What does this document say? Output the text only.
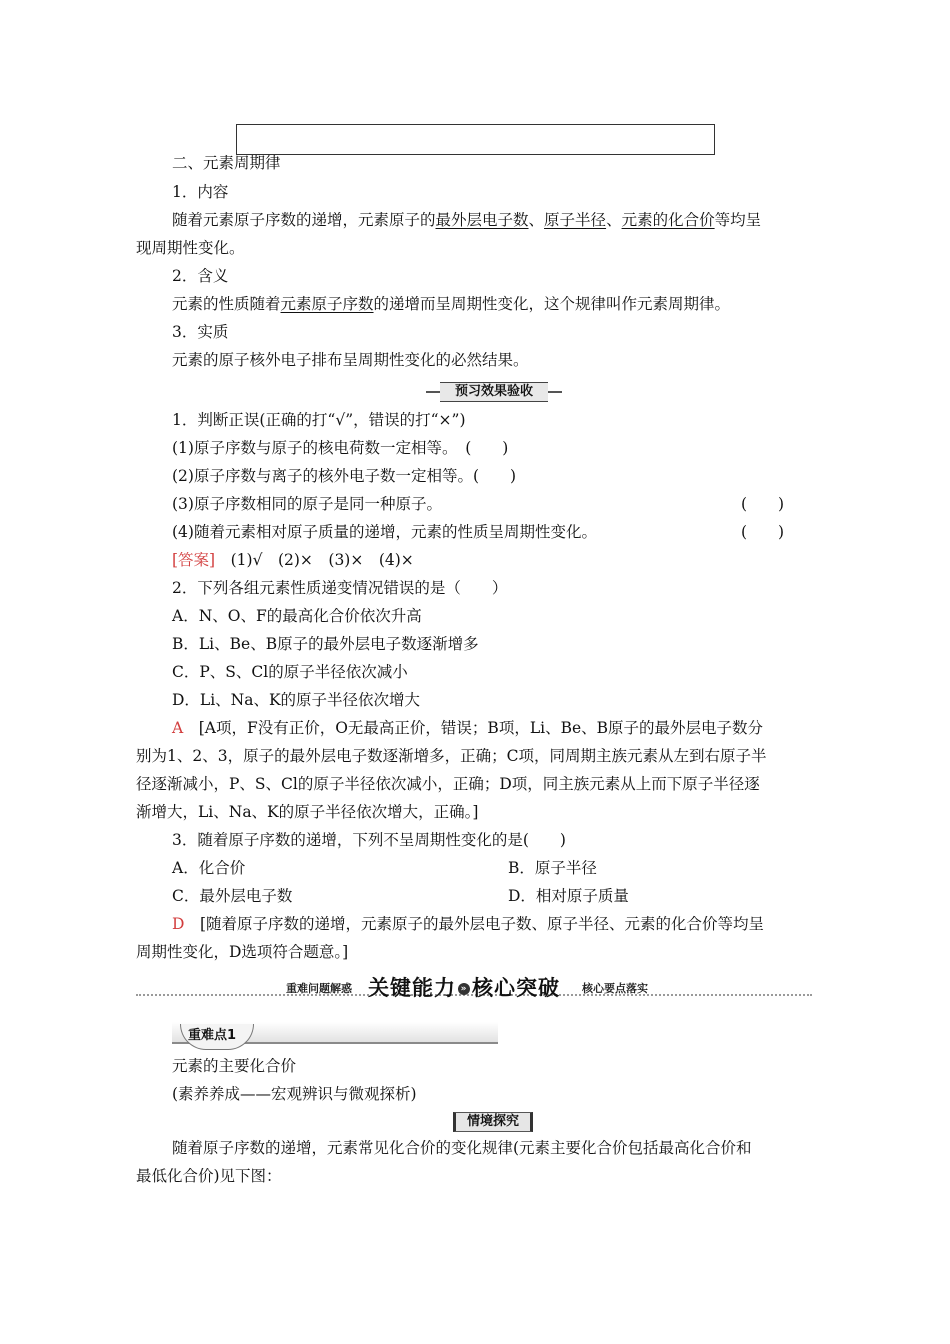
二、元素周期律
1．内容
随着元素原子序数的递增，元素原子的最外层电子数、原子半径、元素的化合价等均呈
现周期性变化。
2．含义
元素的性质随着元素原子序数的递增而呈周期性变化，这个规律叫作元素周期律。
3．实质
元素的原子核外电子排布呈周期性变化的必然结果。
预习效果验收
1．判断正误(正确的打“√”，错误的打“×”)
(1)原子序数与原子的核电荷数一定相等。　(　　)
(2)原子序数与离子的核外电子数一定相等。(　　)
(3)原子序数相同的原子是同一种原子。	(　　)
(4)随着元素相对原子质量的递增，元素的性质呈周期性变化。	(　　)
[答案]　 (1)√　(2)×　(3)×　(4)×
2．下列各组元素性质递变情况错误的是（　　）
A．N、O、F的最高化合价依次升高
B．Li、Be、B原子的最外层电子数逐渐增多
C．P、S、Cl的原子半径依次减小
D．Li、Na、K的原子半径依次增大
A　 [A项，F没有正价，O无最高正价，错误；B项，Li、Be、B原子的最外层电子数分
别为1、2、3，原子的最外层电子数逐渐增多，正确；C项，同周期主族元素从左到右原子半
径逐渐减小，P、S、Cl的原子半径依次减小，正确；D项，同主族元素从上而下原子半径逐
渐增大，Li、Na、K的原子半径依次增大，正确。]
3．随着原子序数的递增，下列不呈周期性变化的是(　　)
A．化合价	B．原子半径
C．最外层电子数	D．相对原子质量
D　 [随着原子序数的递增，元素原子的最外层电子数、原子半径、元素的化合价等均呈
周期性变化，D选项符合题意。]
重难问题解惑 关键能力 » 核心突破 核心要点落实
重难点1
元素的主要化合价
(素养养成——宏观辨识与微观探析)
情境探究
随着原子序数的递增，元素常见化合价的变化规律(元素主要化合价包括最高化合价和
最低化合价)见下图：
